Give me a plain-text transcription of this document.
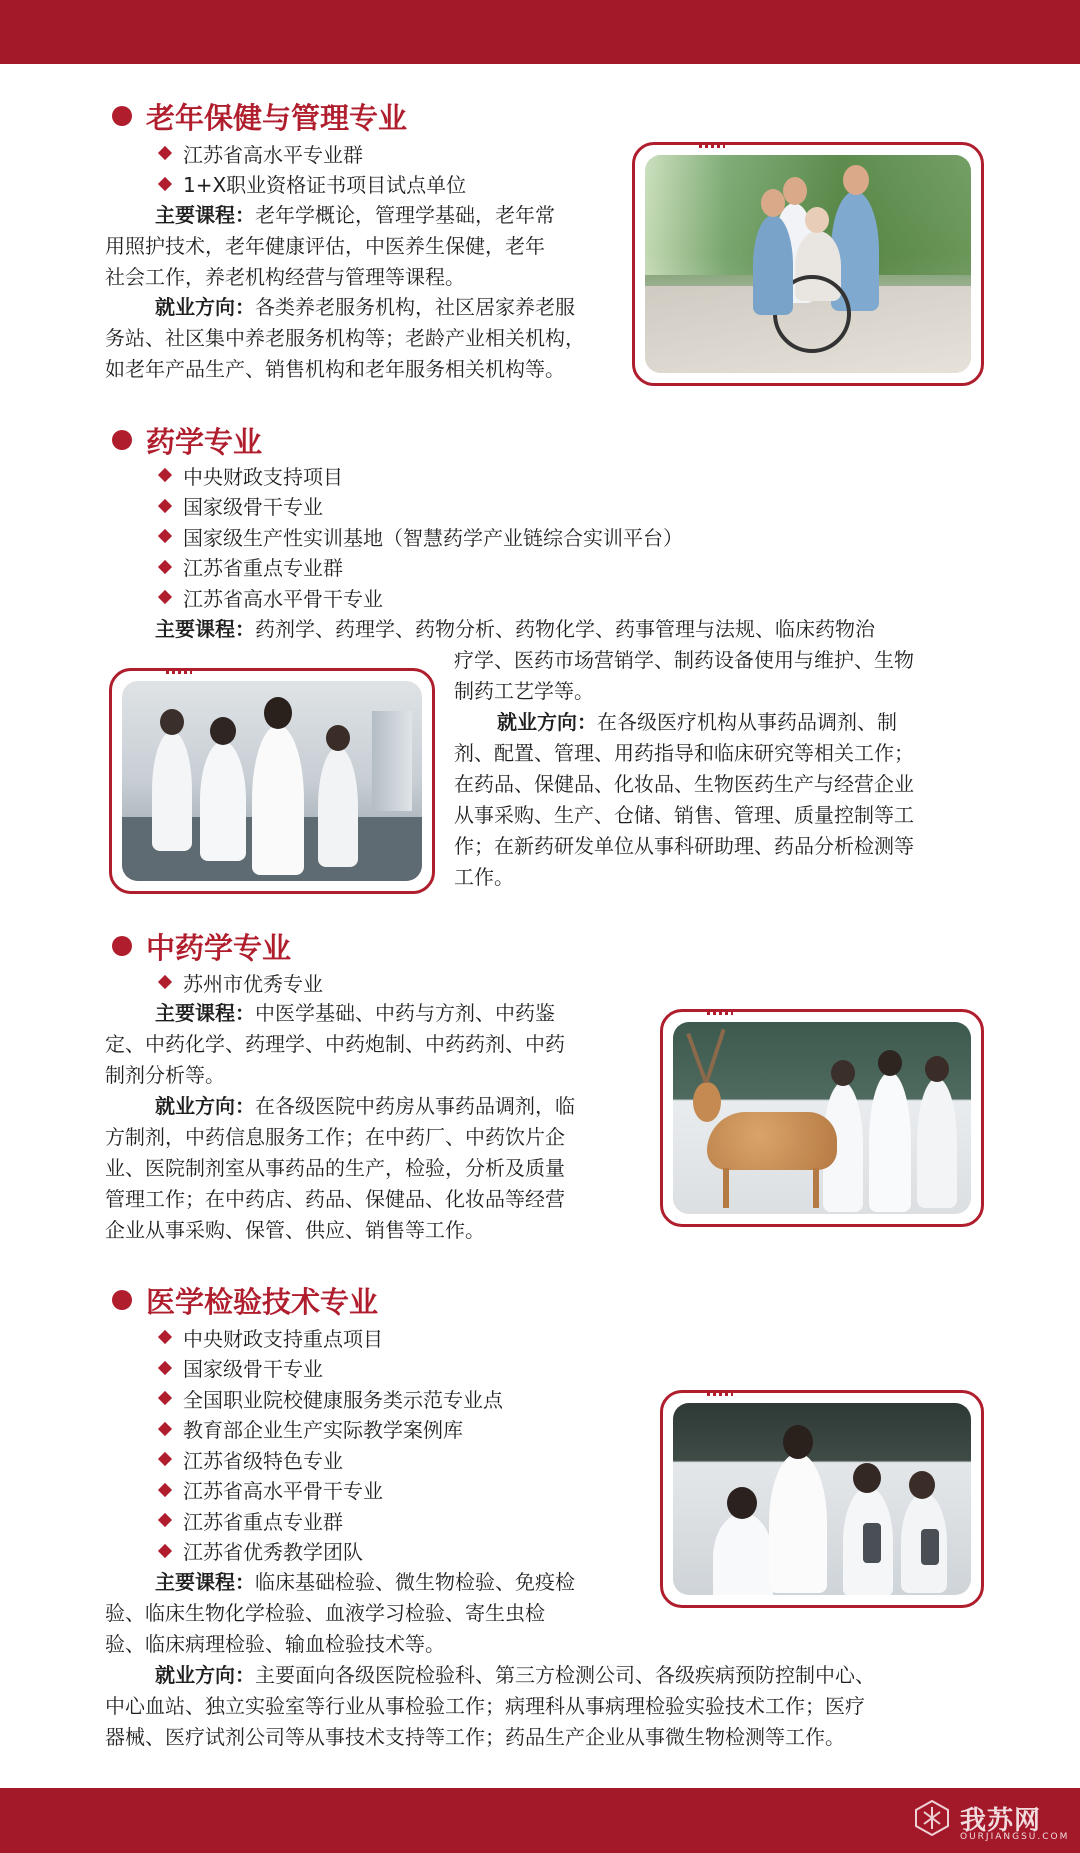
老年保健与管理专业
江苏省高水平专业群
1+X职业资格证书项目试点单位

主要课程：老年学概论，管理学基础，老年常
用照护技术，老年健康评估，中医养生保健，老年
社会工作，养老机构经营与管理等课程。

就业方向：各类养老服务机构，社区居家养老服
务站、社区集中养老服务机构等；老龄产业相关机构，
如老年产品生产、销售机构和老年服务相关机构等。

药学专业
中央财政支持项目
国家级骨干专业
国家级生产性实训基地（智慧药学产业链综合实训平台）
江苏省重点专业群
江苏省高水平骨干专业

主要课程：药剂学、药理学、药物分析、药物化学、药事管理与法规、临床药物治

疗学、医药市场营销学、制药设备使用与维护、生物
制药工艺学等。

就业方向：在各级医疗机构从事药品调剂、制
剂、配置、管理、用药指导和临床研究等相关工作；
在药品、保健品、化妆品、生物医药生产与经营企业
从事采购、生产、仓储、销售、管理、质量控制等工
作；在新药研发单位从事科研助理、药品分析检测等
工作。

中药学专业
苏州市优秀专业

主要课程：中医学基础、中药与方剂、中药鉴
定、中药化学、药理学、中药炮制、中药药剂、中药
制剂分析等。

就业方向：在各级医院中药房从事药品调剂，临
方制剂，中药信息服务工作；在中药厂、中药饮片企
业、医院制剂室从事药品的生产，检验，分析及质量
管理工作；在中药店、药品、保健品、化妆品等经营
企业从事采购、保管、供应、销售等工作。

医学检验技术专业
中央财政支持重点项目
国家级骨干专业
全国职业院校健康服务类示范专业点
教育部企业生产实际教学案例库
江苏省级特色专业
江苏省高水平骨干专业
江苏省重点专业群
江苏省优秀教学团队

主要课程：临床基础检验、微生物检验、免疫检
验、临床生物化学检验、血液学习检验、寄生虫检
验、临床病理检验、输血检验技术等。

就业方向：主要面向各级医院检验科、第三方检测公司、各级疾病预防控制中心、
中心血站、独立实验室等行业从事检验工作；病理科从事病理检验实验技术工作；医疗
器械、医疗试剂公司等从事技术支持等工作；药品生产企业从事微生物检测等工作。

我苏网
OURJIANGSU.COM
